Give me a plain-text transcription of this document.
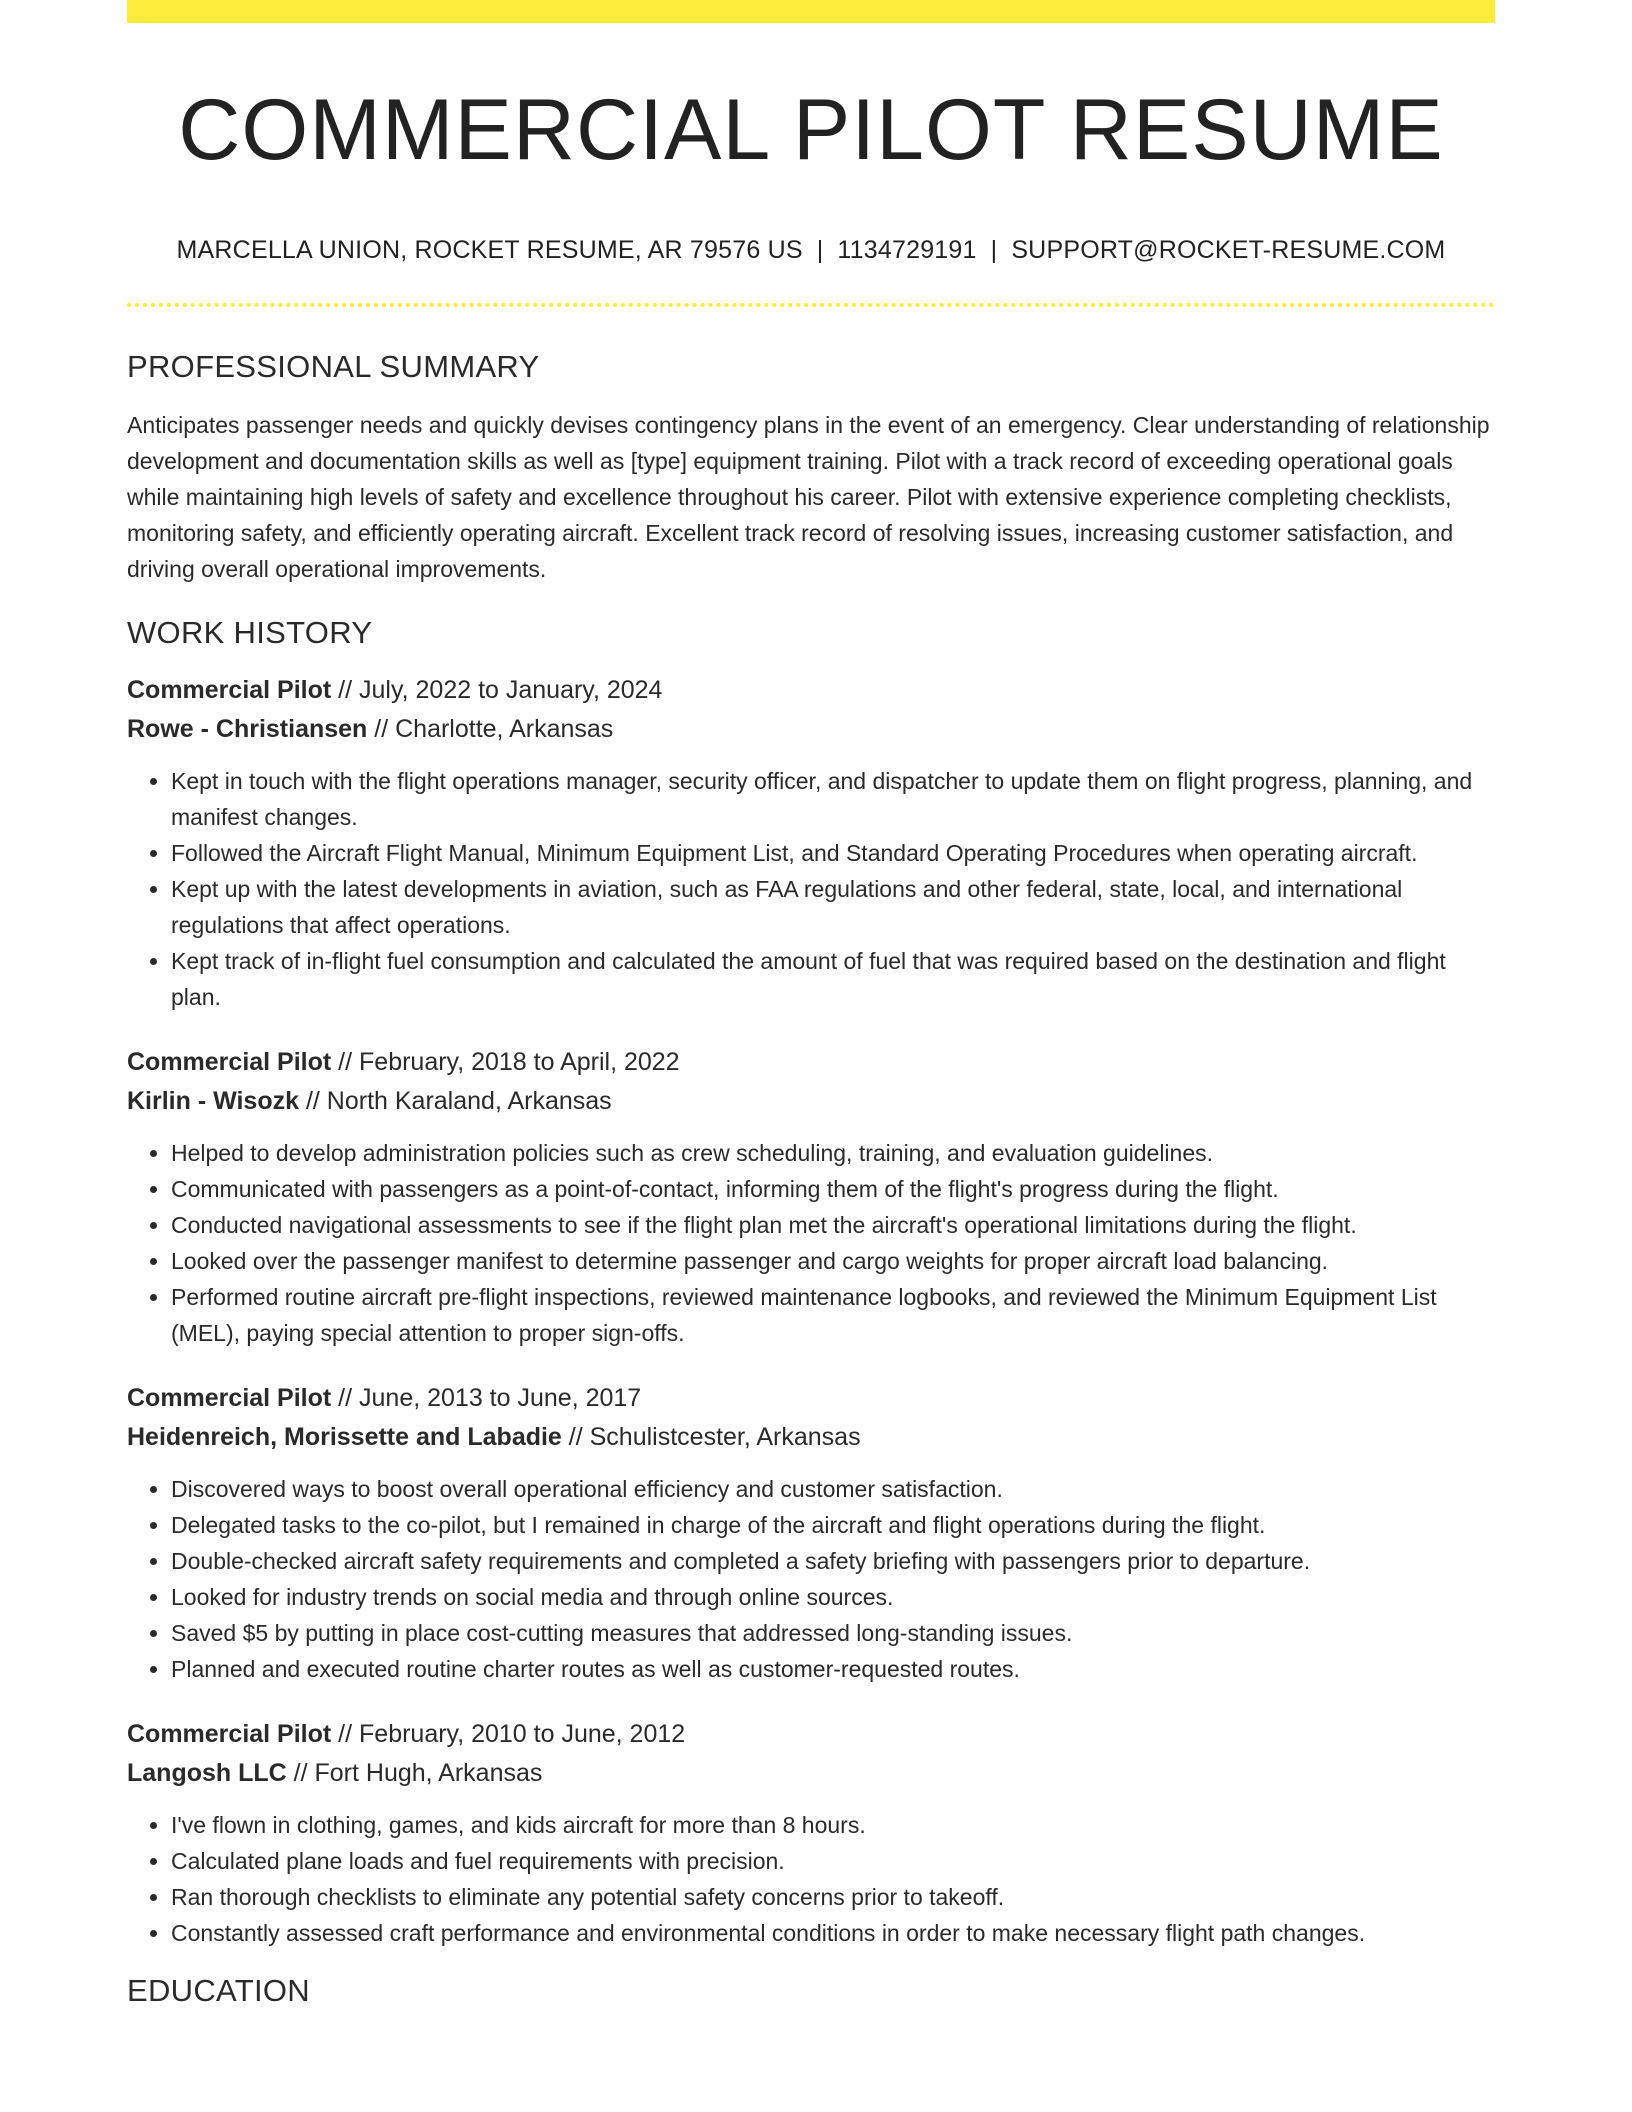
COMMERCIAL PILOT RESUME
MARCELLA UNION, ROCKET RESUME, AR 79576 US | 1134729191 | SUPPORT@ROCKET-RESUME.COM
PROFESSIONAL SUMMARY
Anticipates passenger needs and quickly devises contingency plans in the event of an emergency. Clear understanding of relationship development and documentation skills as well as [type] equipment training. Pilot with a track record of exceeding operational goals while maintaining high levels of safety and excellence throughout his career. Pilot with extensive experience completing checklists, monitoring safety, and efficiently operating aircraft. Excellent track record of resolving issues, increasing customer satisfaction, and driving overall operational improvements.
WORK HISTORY
Commercial Pilot // July, 2022 to January, 2024
Rowe - Christiansen // Charlotte, Arkansas
• Kept in touch with the flight operations manager, security officer, and dispatcher to update them on flight progress, planning, and manifest changes.
• Followed the Aircraft Flight Manual, Minimum Equipment List, and Standard Operating Procedures when operating aircraft.
• Kept up with the latest developments in aviation, such as FAA regulations and other federal, state, local, and international regulations that affect operations.
• Kept track of in-flight fuel consumption and calculated the amount of fuel that was required based on the destination and flight plan.
Commercial Pilot // February, 2018 to April, 2022
Kirlin - Wisozk // North Karaland, Arkansas
• Helped to develop administration policies such as crew scheduling, training, and evaluation guidelines.
• Communicated with passengers as a point-of-contact, informing them of the flight's progress during the flight.
• Conducted navigational assessments to see if the flight plan met the aircraft's operational limitations during the flight.
• Looked over the passenger manifest to determine passenger and cargo weights for proper aircraft load balancing.
• Performed routine aircraft pre-flight inspections, reviewed maintenance logbooks, and reviewed the Minimum Equipment List (MEL), paying special attention to proper sign-offs.
Commercial Pilot // June, 2013 to June, 2017
Heidenreich, Morissette and Labadie // Schulistcester, Arkansas
• Discovered ways to boost overall operational efficiency and customer satisfaction.
• Delegated tasks to the co-pilot, but I remained in charge of the aircraft and flight operations during the flight.
• Double-checked aircraft safety requirements and completed a safety briefing with passengers prior to departure.
• Looked for industry trends on social media and through online sources.
• Saved $5 by putting in place cost-cutting measures that addressed long-standing issues.
• Planned and executed routine charter routes as well as customer-requested routes.
Commercial Pilot // February, 2010 to June, 2012
Langosh LLC // Fort Hugh, Arkansas
• I've flown in clothing, games, and kids aircraft for more than 8 hours.
• Calculated plane loads and fuel requirements with precision.
• Ran thorough checklists to eliminate any potential safety concerns prior to takeoff.
• Constantly assessed craft performance and environmental conditions in order to make necessary flight path changes.
EDUCATION
